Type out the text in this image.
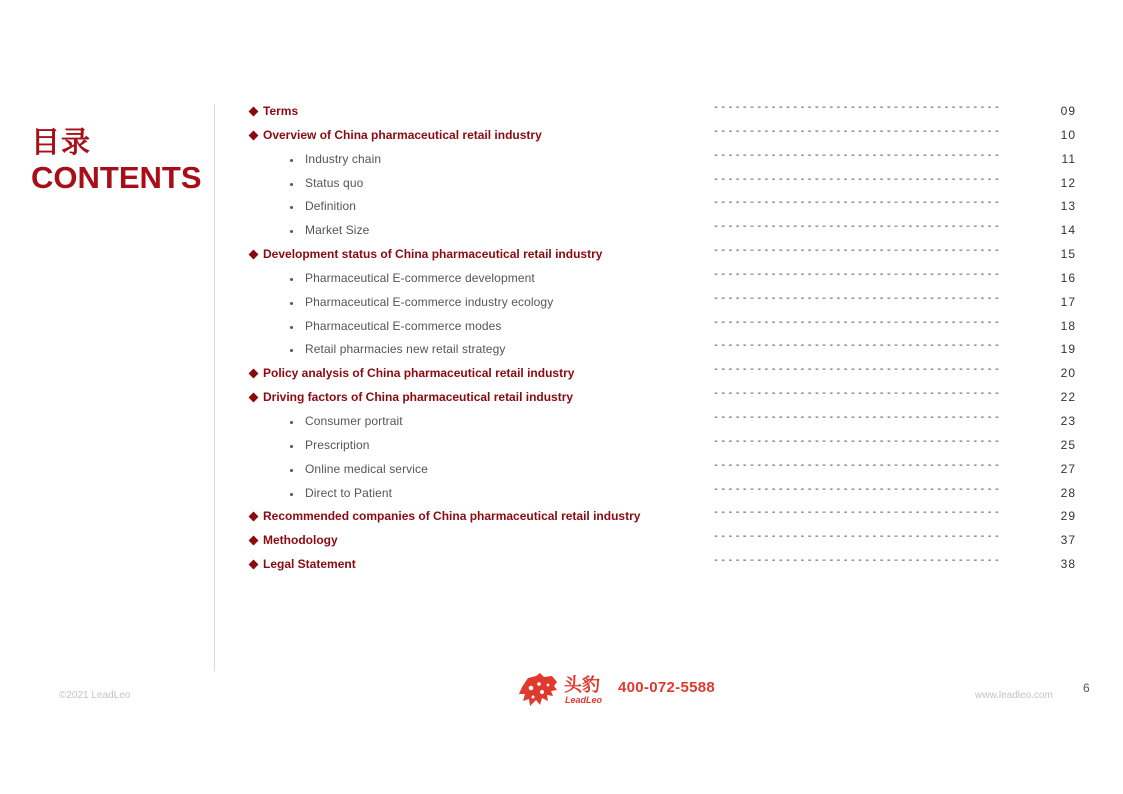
目录
CONTENTS
Terms	----------------------------------------	09
Overview of China pharmaceutical retail industry	----------------------------------------	10
Industry chain	----------------------------------------	11
Status quo	----------------------------------------	12
Definition	----------------------------------------	13
Market Size	----------------------------------------	14
Development status of China pharmaceutical retail industry	----------------------------------------	15
Pharmaceutical E-commerce development	----------------------------------------	16
Pharmaceutical E-commerce industry ecology	----------------------------------------	17
Pharmaceutical E-commerce modes	----------------------------------------	18
Retail pharmacies new retail strategy	----------------------------------------	19
Policy analysis of China pharmaceutical retail industry	----------------------------------------	20
Driving factors of China pharmaceutical retail industry	----------------------------------------	22
Consumer portrait	----------------------------------------	23
Prescription	----------------------------------------	25
Online medical service	----------------------------------------	27
Direct to Patient	----------------------------------------	28
Recommended companies of China pharmaceutical retail industry	----------------------------------------	29
Methodology	----------------------------------------	37
Legal Statement	----------------------------------------	38
©2021 LeadLeo	头豹
LeadLeo
400-072-5588	www.leadleo.com
6
